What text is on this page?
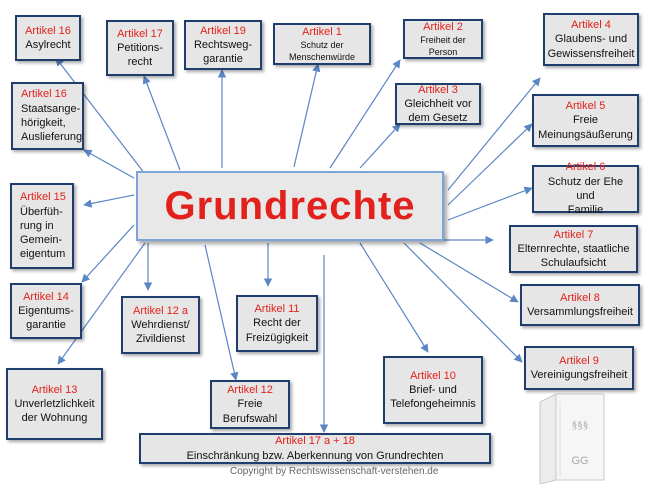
Artikel 16
Asylrecht
Artikel 17
Petitions-
recht
Artikel 19
Rechtsweg-
garantie
Artikel 1
Schutz der
Menschenwürde
Artikel 2
Freiheit der
Person
Artikel 4
Glaubens- und
Gewissensfreiheit
Artikel 16
Staatsange-
hörigkeit,
Auslieferung
Artikel 3
Gleichheit vor
dem Gesetz
Artikel 5
Freie
Meinungsäußerung
Artikel 15
Überfüh-
rung in
Gemein-
eigentum
Artikel 6
Schutz der Ehe und
Familie
Artikel 7
Elternrechte, staatliche
Schulaufsicht
Artikel 14
Eigentums-
garantie
Artikel 12 a
Wehrdienst/
Zivildienst
Artikel 11
Recht der
Freizügigkeit
Artikel 8
Versammlungsfreiheit
Artikel 9
Vereinigungsfreiheit
Artikel 13
Unverletzlichkeit
der Wohnung
Artikel 12
Freie
Berufswahl
Artikel 10
Brief- und
Telefongeheimnis
Artikel 17 a + 18
Einschränkung bzw. Aberkennung von Grundrechten
Grundrechte
Copyright by Rechtswissenschaft-verstehen.de
§§§
GG
